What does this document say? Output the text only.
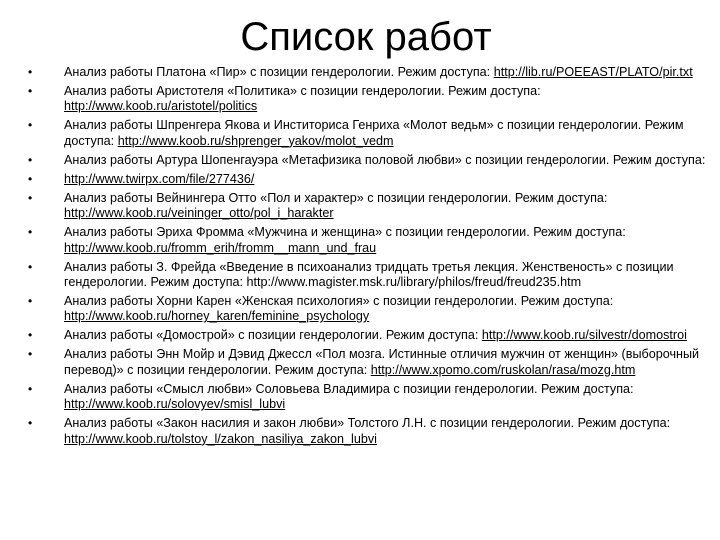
Список работ
•	Анализ работы Платона «Пир» с позиции гендерологии. Режим доступа: http://lib.ru/POEEAST/PLATO/pir.txt
•	Анализ работы Аристотеля «Политика» с позиции гендерологии. Режим доступа: http://www.koob.ru/aristotel/politics
•	Анализ работы Шпренгера Якова и Инститориса Генриха «Молот ведьм» с позиции гендерологии. Режим доступа: http://www.koob.ru/shprenger_yakov/molot_vedm
•	Анализ работы Артура Шопенгауэра «Метафизика половой любви» с позиции гендерологии. Режим доступа:
•	http://www.twirpx.com/file/277436/
•	Анализ работы Вейнингера Отто «Пол и характер» с позиции гендерологии. Режим доступа: http://www.koob.ru/veininger_otto/pol_i_harakter
•	Анализ работы Эриха Фромма «Мужчина и женщина» с позиции гендерологии. Режим доступа: http://www.koob.ru/fromm_erih/fromm__mann_und_frau
•	Анализ работы З. Фрейда «Введение в психоанализ тридцать третья лекция. Женственость» с позиции гендерологии. Режим доступа: http://www.magister.msk.ru/library/philos/freud/freud235.htm
•	Анализ работы Хорни Карен «Женская психология» с позиции гендерологии. Режим доступа: http://www.koob.ru/horney_karen/feminine_psychology
•	Анализ работы «Домострой» с позиции гендерологии. Режим доступа: http://www.koob.ru/silvestr/domostroi
•	Анализ работы Энн Мойр и Дэвид Джессл «Пол мозга. Истинные отличия мужчин от женщин» (выборочный перевод)» с позиции гендерологии. Режим доступа: http://www.xpomo.com/ruskolan/rasa/mozg.htm
•	Анализ работы «Смысл любви» Соловьева Владимира с позиции гендерологии. Режим доступа: http://www.koob.ru/solovyev/smisl_lubvi
•	Анализ работы «Закон насилия и закон любви» Толстого Л.Н. с позиции гендерологии. Режим доступа: http://www.koob.ru/tolstoy_l/zakon_nasiliya_zakon_lubvi
